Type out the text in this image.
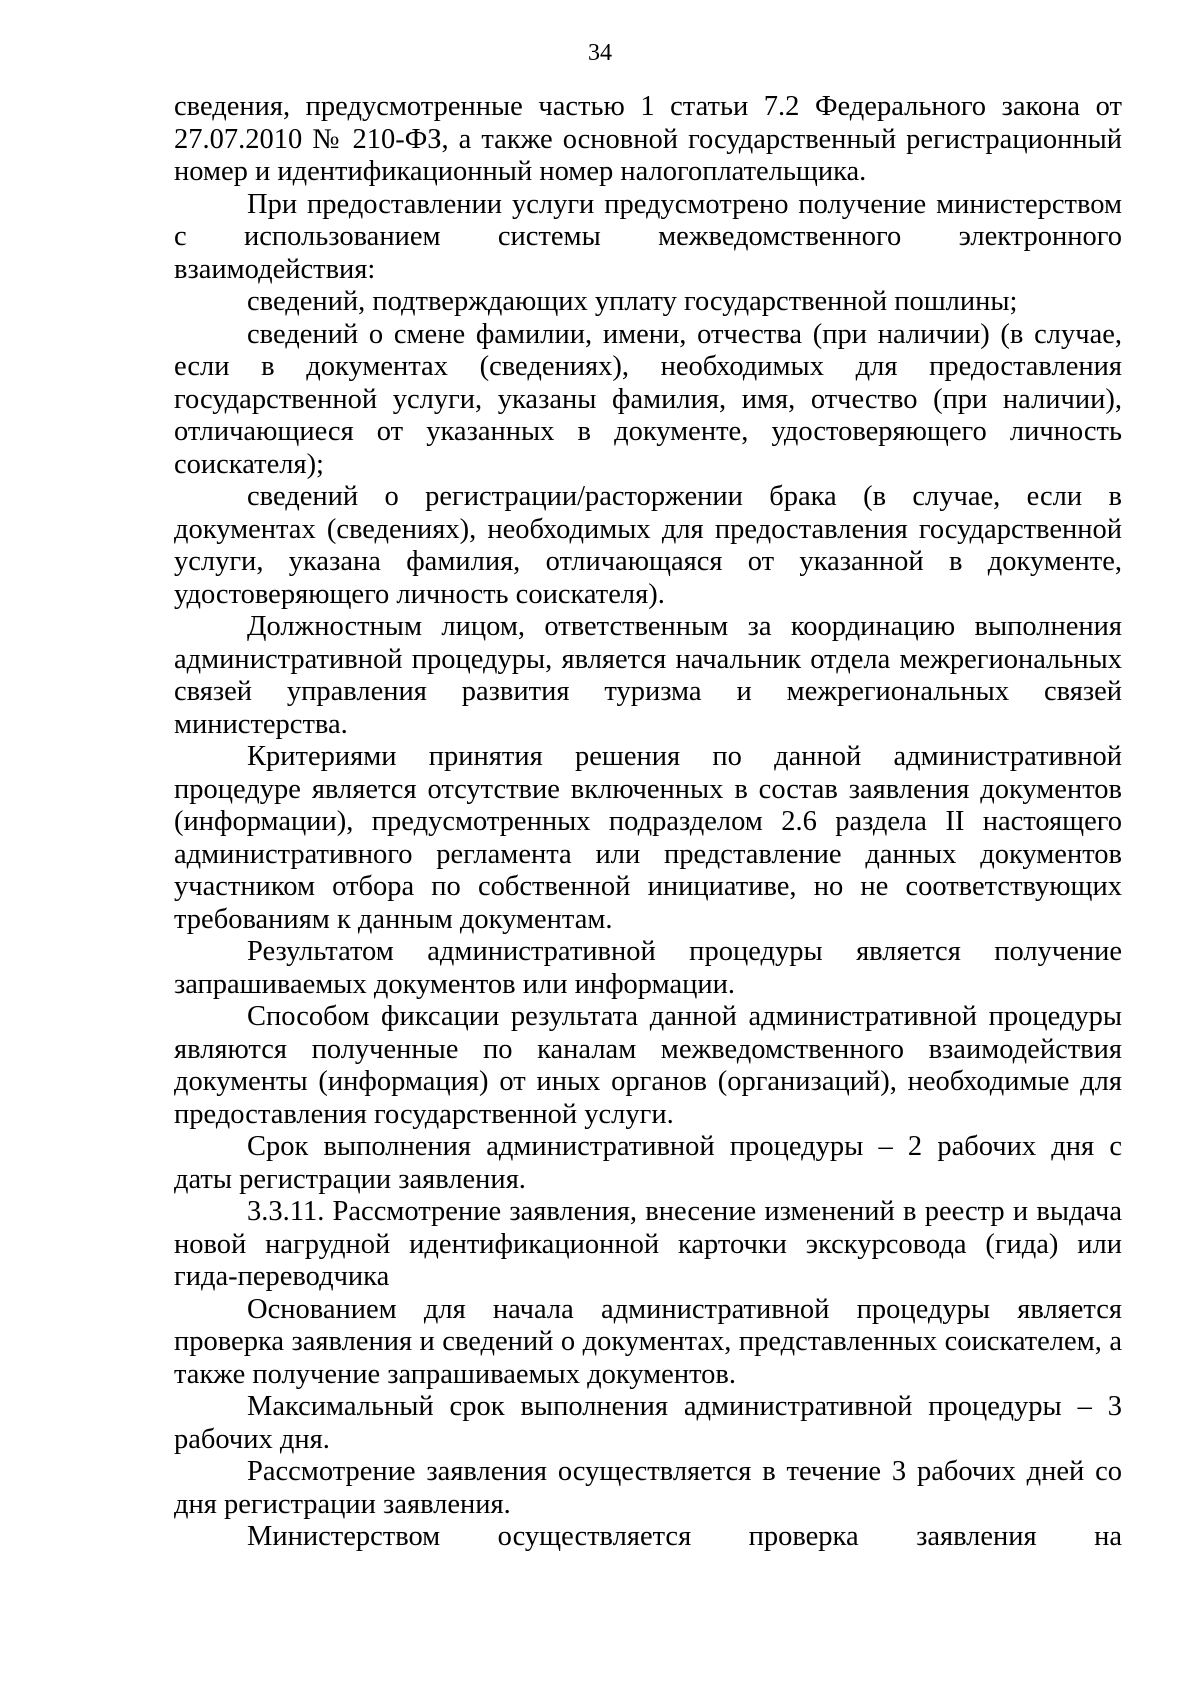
34

сведения, предусмотренные частью 1 статьи 7.2 Федерального закона от 27.07.2010 № 210-ФЗ, а также основной государственный регистрационный номер и идентификационный номер налогоплательщика.

При предоставлении услуги предусмотрено получение министерством с использованием системы межведомственного электронного взаимодействия:

сведений, подтверждающих уплату государственной пошлины;

сведений о смене фамилии, имени, отчества (при наличии) (в случае, если в документах (сведениях), необходимых для предоставления государственной услуги, указаны фамилия, имя, отчество (при наличии), отличающиеся от указанных в документе, удостоверяющего личность соискателя);

сведений о регистрации/расторжении брака (в случае, если в документах (сведениях), необходимых для предоставления государственной услуги, указана фамилия, отличающаяся от указанной в документе, удостоверяющего личность соискателя).

Должностным лицом, ответственным за координацию выполнения административной процедуры, является начальник отдела межрегиональных связей управления развития туризма и межрегиональных связей министерства.

Критериями принятия решения по данной административной процедуре является отсутствие включенных в состав заявления документов (информации), предусмотренных подразделом 2.6 раздела II настоящего административного регламента или представление данных документов участником отбора по собственной инициативе, но не соответствующих требованиям к данным документам.

Результатом административной процедуры является получение запрашиваемых документов или информации.

Способом фиксации результата данной административной процедуры являются полученные по каналам межведомственного взаимодействия документы (информация) от иных органов (организаций), необходимые для предоставления государственной услуги.

Срок выполнения административной процедуры – 2 рабочих дня с даты регистрации заявления.

3.3.11. Рассмотрение заявления, внесение изменений в реестр и выдача новой нагрудной идентификационной карточки экскурсовода (гида) или гида-переводчика

Основанием для начала административной процедуры является проверка заявления и сведений о документах, представленных соискателем, а также получение запрашиваемых документов.

Максимальный срок выполнения административной процедуры – 3 рабочих дня.

Рассмотрение заявления осуществляется в течение 3 рабочих дней со дня регистрации заявления.

Министерством осуществляется проверка заявления на
